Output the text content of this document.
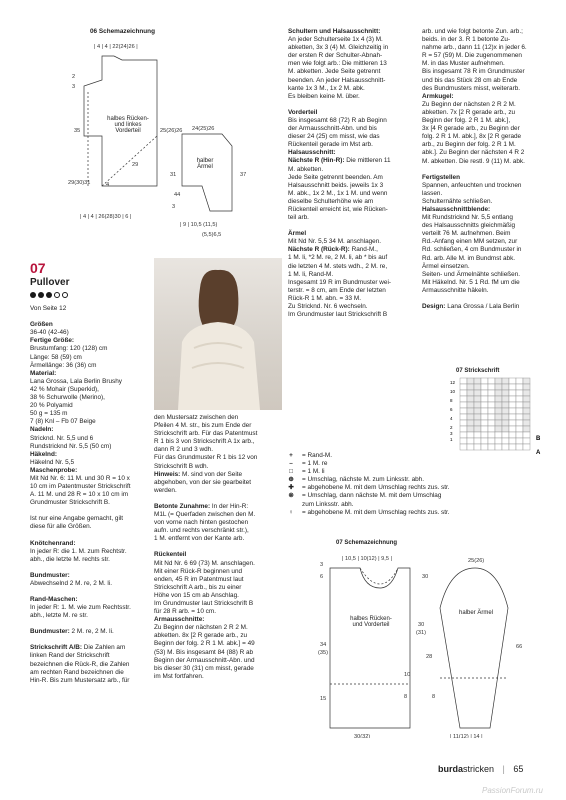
06 Schemazeichnung
| 4 | 4 | 22(24)26 |
2
3
35
29(30)31	4
29
| 4 | 4 | 26(28)30 | 6 |
25(26)26 24(25)26
31
44
37
3
| 9 | 10,5 (11,5)
(5,5)6,5
halbes Rücken- und linkes Vorderteil
halber Ärmel
07
Pullover

Von Seite 12

Größen

36-40 (42-46)

Fertige Größe:

Brustumfang: 120 (128) cm

Länge: 58 (59) cm

Ärmellänge: 36 (36) cm

Material:

Lana Grossa, Lala Berlin Brushy

42 % Mohair (Superkid),

38 % Schurwolle (Merino),

20 % Polyamid

50 g = 135 m

7 (8) Knl – Fb 07 Beige

Nadeln:

Stricknd. Nr. 5,5 und 6

Rundstricknd Nr. 5,5 (50 cm)

Häkelnd:

Häkelnd Nr. 5,5

Maschenprobe:

Mit Nd Nr. 6: 11 M. und 30 R = 10 x

10 cm im Patentmuster Strickschrift

A. 11 M. und 28 R = 10 x 10 cm im

Grundmuster Strickschrift B.

Ist nur eine Angabe gemacht, gilt

diese für alle Größen.

Knötchenrand:

In jeder R: die 1. M. zum Rechtstr.

abh., die letzte M. rechts str.

Bundmuster:

Abwechselnd 2 M. re, 2 M. li.

Rand-Maschen:

In jeder R: 1. M. wie zum Rechtsstr.

abh., letzte M. re str.

Bundmuster: 2 M. re, 2 M. li.

Strickschrift A/B: Die Zahlen am

linken Rand der Strickschrift

bezeichnen die Rück-R, die Zahlen

am rechten Rand bezeichnen die

Hin-R. Bis zum Mustersatz arb., für

den Mustersatz zwischen den

Pfeilen 4 M. str., bis zum Ende der

Strickschrift arb. Für das Patentmust

R 1 bis 3 von Strickschrift A 1x arb.,

dann R 2 und 3 wdh.

Für das Grundmuster R 1 bis 12 von

Strickschrift B wdh.

Hinweis: M. sind von der Seite

abgehoben, von der sie gearbeitet

werden.

Betonte Zunahme: In der Hin-R:

M1L (= Querfaden zwischen den M.

von vorne nach hinten gestochen

aufn. und rechts verschränkt str.),

1 M. entfernt von der Kante arb.

Rückenteil

Mit Nd Nr. 6 69 (73) M. anschlagen.

Mit einer Rück-R beginnen und

enden, 45 R im Patentmust laut

Strickschrift A arb., bis zu einer

Höhe von 15 cm ab Anschlag.

Im Grundmuster laut Strickschrift B

für 28 R arb. = 10 cm.

Armausschnitte:

Zu Beginn der nächsten 2 R 2 M.

abketten. 8x [2 R gerade arb., zu

Beginn der folg. 2 R 1 M. abk.] = 49

(53) M. Bis insgesamt 84 (88) R ab

Beginn der Armausschnitt-Abn. und

bis dieser 30 (31) cm misst, gerade

im Mst fortfahren.

Schultern und Halsausschnitt:

An jeder Schulterseite 1x 4 (3) M.

abketten, 3x 3 (4) M. Gleichzeitig in

der ersten R der Schulter-Abnah-

men wie folgt arb.: Die mittleren 13

M. abketten. Jede Seite getrennt

beenden. An jeder Halsausschnitt-

kante 1x 3 M., 1x 2 M. abk.

Es bleiben keine M. über.

Vorderteil

Bis insgesamt 68 (72) R ab Beginn

der Armausschnitt-Abn. und bis

dieser 24 (25) cm misst, wie das

Rückenteil gerade im Mst arb.

Halsausschnitt:

Nächste R (Hin-R): Die mittleren 11

M. abketten.

Jede Seite getrennt beenden. Am

Halsausschnitt beids. jeweils 1x 3

M. abk., 1x 2 M., 1x 1 M. und wenn

dieselbe Schulterhöhe wie am

Rückenteil erreicht ist, wie Rücken-

teil arb.

Ärmel

Mit Nd Nr. 5,5 34 M. anschlagen.

Nächste R (Rück-R): Rand-M.,

1 M. li, *2 M. re, 2 M. li, ab * bis auf

die letzten 4 M. stets wdh., 2 M. re,

1 M. li, Rand-M.

Insgesamt 19 R im Bundmuster wei-

terstr. = 8 cm, am Ende der letzten

Rück-R 1 M. abn. = 33 M.

Zu Stricknd. Nr. 6 wechseln.

Im Grundmuster laut Strickschrift B

arb. und wie folgt betonte Zun. arb.;

beids. in der 3. R 1 betonte Zu-

nahme arb., dann 11 (12)x in jeder 6.

R = 57 (59) M. Die zugenommenen

M. in das Muster aufnehmen.

Bis insgesamt 78 R im Grundmuster

und bis das Stück 28 cm ab Ende

des Bundmusters misst, weiterarb.

Armkugel:

Zu Beginn der nächsten 2 R 2 M.

abketten. 7x [2 R gerade arb., zu

Beginn der folg. 2 R 1 M. abk.],

3x [4 R gerade arb., zu Beginn der

folg. 2 R 1 M. abk.], 8x [2 R gerade

arb., zu Beginn der folg. 2 R 1 M.

abk.]. Zu Beginn der nächsten 4 R 2

M. abketten. Die restl. 9 (11) M. abk.

Fertigstellen

Spannen, anfeuchten und trocknen

lassen.

Schulternähte schließen.

Halsausschnittblende:

Mit Rundstricknd Nr. 5,5 entlang

des Halsausschnitts gleichmäßig

verteilt 76 M. aufnehmen. Beim

Rd.-Anfang einen MM setzen, zur

Rd. schließen, 4 cm Bundmuster in

Rd. arb. Alle M. im Bundmst abk.

Ärmel einsetzen.

Seiten- und Ärmelnähte schließen.

Mit Häkelnd. Nr. 5 1 Rd. fM um die

Armausschnitte häkeln.

Design: Lana Grossa / Lala Berlin

07 Strickschrift
12
10
8
6
4
2
3
1	B
A
+	= Rand-M.
–	= 1 M. re
□	= 1 M. li
⊕	= Umschlag, nächste M. zum Linksstr. abh.
✚	= abgehobene M. mit dem Umschlag rechts zus. str.
⊗	= Umschlag, dann nächste M. mit dem Umschlag
zum Linksstr. abh.
♀	= abgehobene M. mit dem Umschlag rechts zus. str.
07 Schemazeichnung
| 10,5 | 10(12) | 9,5 |
3
6
34
(35)
15
30
30
(31)
10
8
30(32)
25(26)
66
28
8
| 11(12) | 14 |
halbes Rücken- und Vorderteil
halber Ärmel
burdastricken | 65
PassionForum.ru
